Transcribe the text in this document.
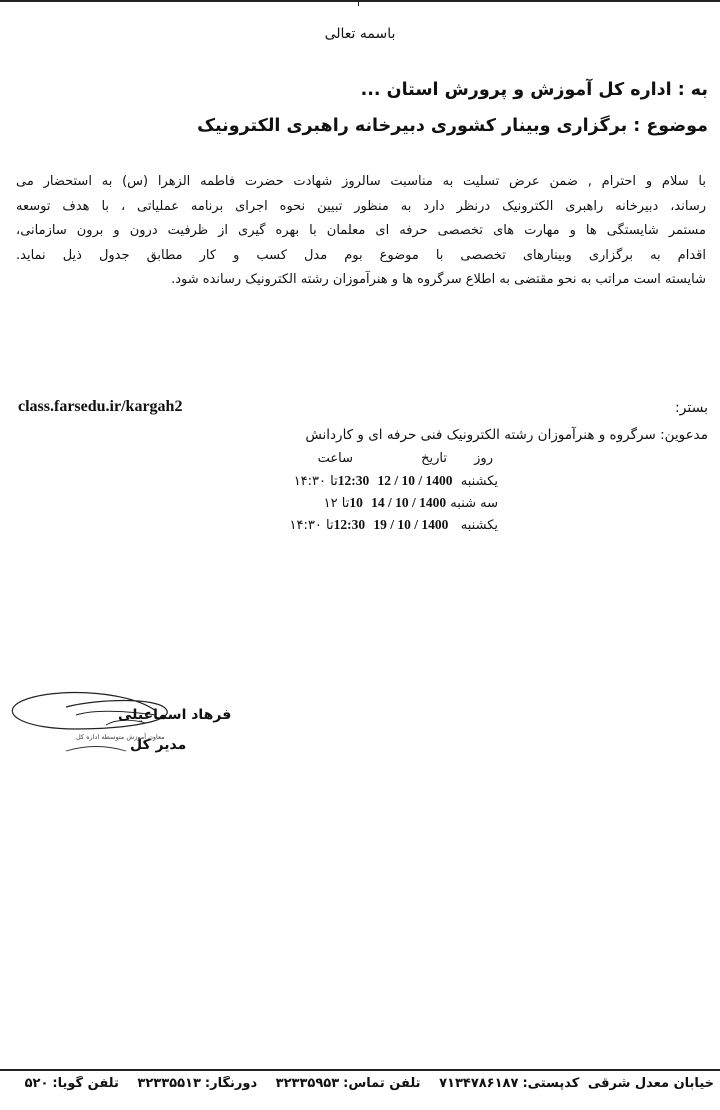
باسمه تعالی
به : اداره کل آموزش و پرورش استان ...
موضوع : برگزاری وبینار کشوری دبیرخانه راهبری الکترونیک

با سلام و احترام , ضمن عرض تسلیت به مناسبت سالروز شهادت حضرت فاطمه الزهرا (س) به استحضار می

رساند، دبیرخانه راهبری الکترونیک درنظر دارد به منظور تبیین نحوه اجرای برنامه عملیاتی ، با هدف توسعه

مستمر شایستگی ها و مهارت های تخصصی حرفه ای معلمان با بهره گیری از ظرفیت درون و برون سازمانی،

اقدام به برگزاری وبینارهای تخصصی با موضوع بوم مدل کسب و کار مطابق جدول ذیل نماید.

شایسته است مراتب به نحو مقتضی به اطلاع سرگروه ها و هنرآموزان رشته الکترونیک رسانده شود.

بستر:
class.farsedu.ir/kargah2
مدعوین: سرگروه و هنرآموزان رشته الکترونیک فنی حرفه ای و کاردانش
روز
تاریخ
ساعت
یکشنبه  1400 / 10 / 12  12:30تا ۱۴:۳۰
سه شنبه 1400 / 10 / 14  10تا ۱۲
یکشنبه   1400 / 10 / 19  12:30تا ۱۴:۳۰
فرهاد اسماعیلی
معاون آموزش متوسطه اداره کل
مدیر کل
خیابان معدل شرقی کدپستی:۷۱۳۴۷۸۶۱۸۷ تلفن تماس:۳۲۳۳۵۹۵۳ دورنگار:۳۲۳۳۵۵۱۳ تلفن گویا:۵۲۰
